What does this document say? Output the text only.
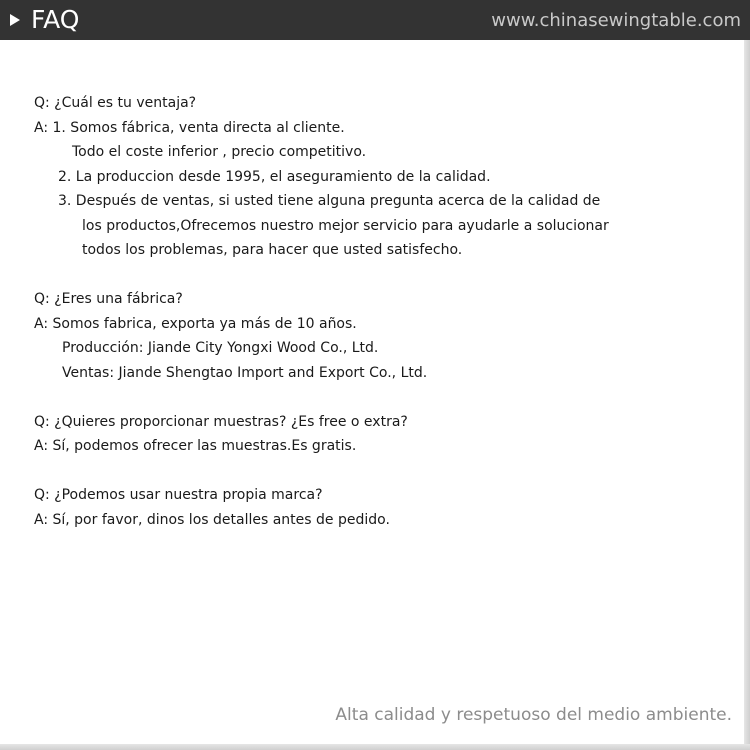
FAQ	www.chinasewingtable.com
Q: ¿Cuál es tu ventaja?
A: 1. Somos fábrica, venta directa al cliente.
Todo el coste inferior , precio competitivo.
2. La produccion desde 1995, el aseguramiento de la calidad.
3. Después de ventas, si usted tiene alguna pregunta acerca de la calidad de
los productos,Ofrecemos nuestro mejor servicio para ayudarle a solucionar
todos los problemas, para hacer que usted satisfecho.
Q: ¿Eres una fábrica?
A: Somos fabrica, exporta ya más de 10 años.
Producción: Jiande City Yongxi Wood Co., Ltd.
Ventas: Jiande Shengtao Import and Export Co., Ltd.
Q: ¿Quieres proporcionar muestras? ¿Es free o extra?
A: Sí, podemos ofrecer las muestras.Es gratis.
Q: ¿Podemos usar nuestra propia marca?
A: Sí, por favor, dinos los detalles antes de pedido.
Alta calidad y respetuoso del medio ambiente.
